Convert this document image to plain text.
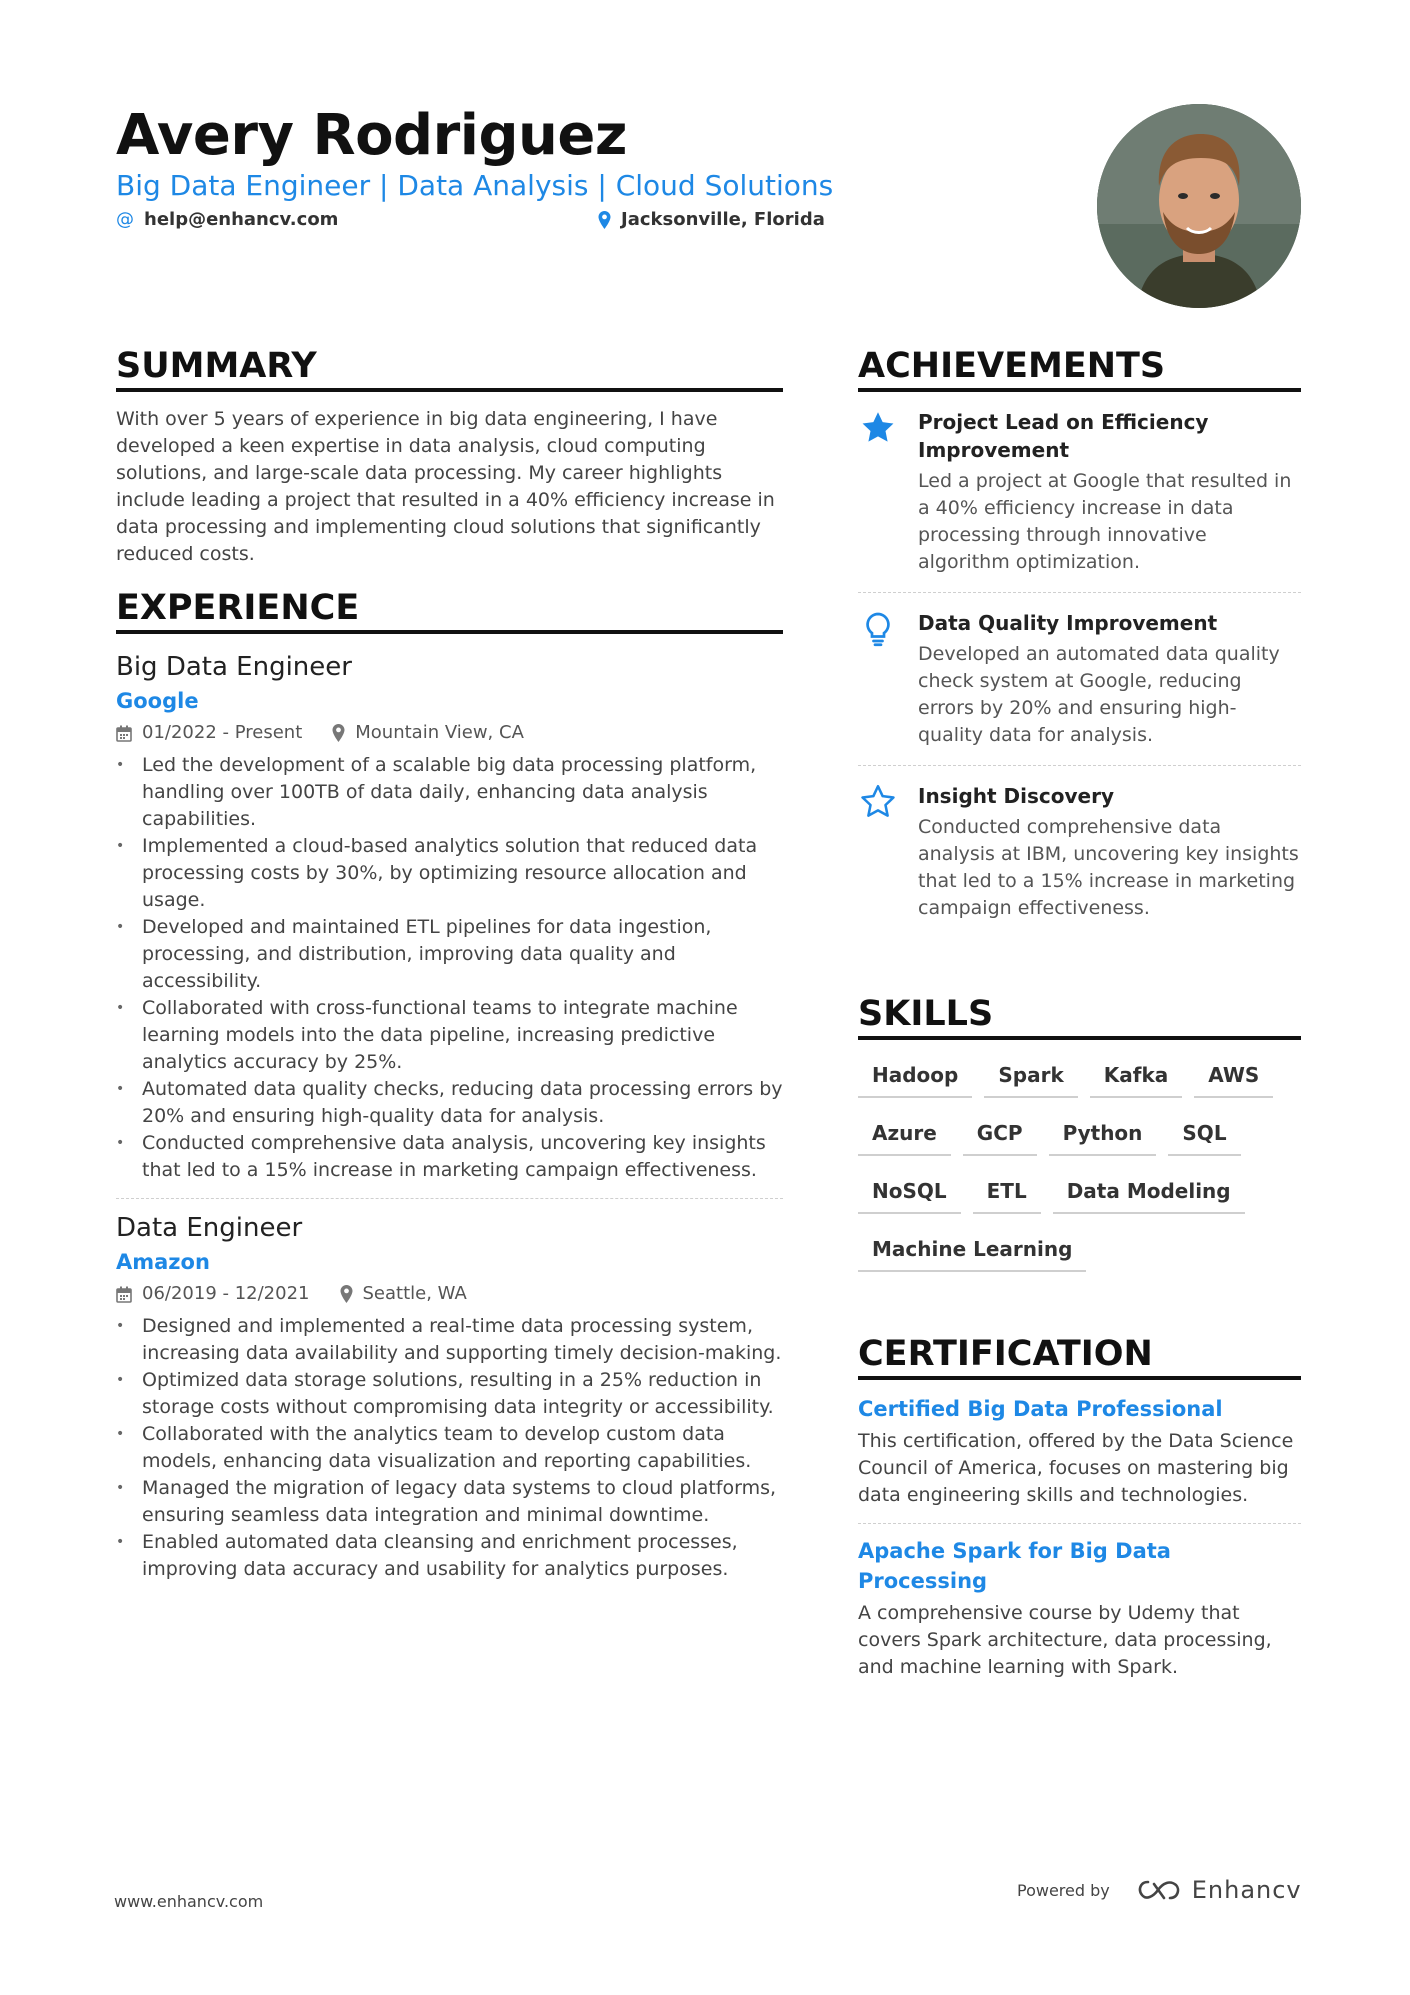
Avery Rodriguez
Big Data Engineer | Data Analysis | Cloud Solutions
@ help@enhancv.com	Jacksonville, Florida
SUMMARY

With over 5 years of experience in big data engineering, I have developed a keen expertise in data analysis, cloud computing solutions, and large-scale data processing. My career highlights include leading a project that resulted in a 40% efficiency increase in data processing and implementing cloud solutions that significantly reduced costs.

EXPERIENCE

Big Data Engineer

Google

01/2022 - Present	Mountain View, CA
• Led the development of a scalable big data processing platform, handling over 100TB of data daily, enhancing data analysis capabilities.
• Implemented a cloud-based analytics solution that reduced data processing costs by 30%, by optimizing resource allocation and usage.
• Developed and maintained ETL pipelines for data ingestion, processing, and distribution, improving data quality and accessibility.
• Collaborated with cross-functional teams to integrate machine learning models into the data pipeline, increasing predictive analytics accuracy by 25%.
• Automated data quality checks, reducing data processing errors by 20% and ensuring high-quality data for analysis.
• Conducted comprehensive data analysis, uncovering key insights that led to a 15% increase in marketing campaign effectiveness.

Data Engineer

Amazon

06/2019 - 12/2021	Seattle, WA
• Designed and implemented a real-time data processing system, increasing data availability and supporting timely decision-making.
• Optimized data storage solutions, resulting in a 25% reduction in storage costs without compromising data integrity or accessibility.
• Collaborated with the analytics team to develop custom data models, enhancing data visualization and reporting capabilities.
• Managed the migration of legacy data systems to cloud platforms, ensuring seamless data integration and minimal downtime.
• Enabled automated data cleansing and enrichment processes, improving data accuracy and usability for analytics purposes.
ACHIEVEMENTS

Project Lead on Efficiency Improvement

Led a project at Google that resulted in a 40% efficiency increase in data processing through innovative algorithm optimization.

Data Quality Improvement

Developed an automated data quality check system at Google, reducing errors by 20% and ensuring high-quality data for analysis.

Insight Discovery

Conducted comprehensive data analysis at IBM, uncovering key insights that led to a 15% increase in marketing campaign effectiveness.

SKILLS
Hadoop	Spark	Kafka	AWS
Azure	GCP	Python	SQL
NoSQL	ETL	Data Modeling
Machine Learning
CERTIFICATION

Certified Big Data Professional

This certification, offered by the Data Science Council of America, focuses on mastering big data engineering skills and technologies.

Apache Spark for Big Data Processing

A comprehensive course by Udemy that covers Spark architecture, data processing, and machine learning with Spark.

www.enhancv.com
Powered by	Enhancv
